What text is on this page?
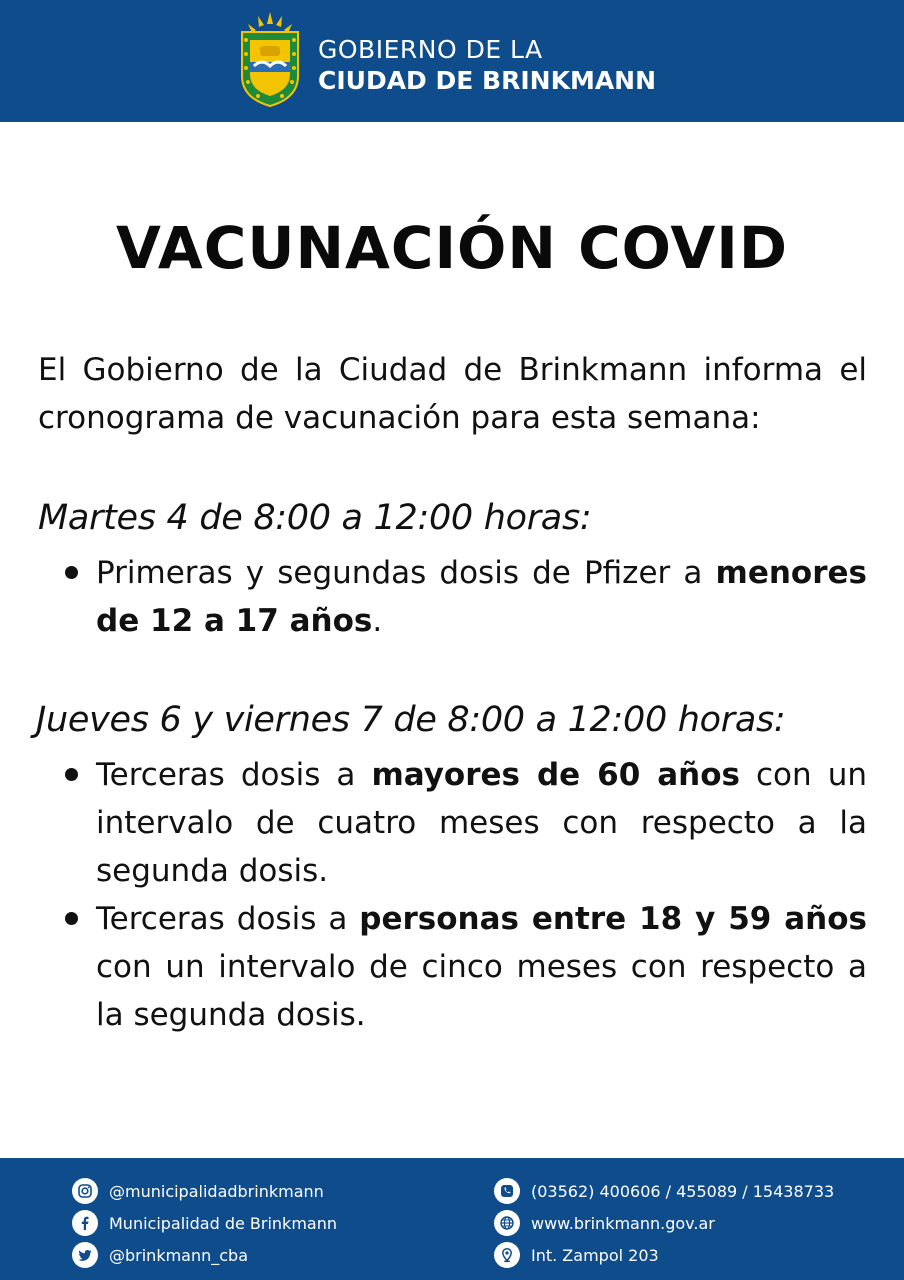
GOBIERNO DE LA
CIUDAD DE BRINKMANN
VACUNACIÓN COVID

El Gobierno de la Ciudad de Brinkmann informa el cronograma de vacunación para esta semana:

Martes 4 de 8:00 a 12:00 horas:

Primeras y segundas dosis de Pfizer a menores de 12 a 17 años.

Jueves 6 y viernes 7 de 8:00 a 12:00 horas:

Terceras dosis a mayores de 60 años con un intervalo de cuatro meses con respecto a la segunda dosis.
Terceras dosis a personas entre 18 y 59 años con un intervalo de cinco meses con respecto a la segunda dosis.
@municipalidadbrinkmann
Municipalidad de Brinkmann
@brinkmann_cba
(03562) 400606 / 455089 / 15438733
www.brinkmann.gov.ar
Int. Zampol 203
